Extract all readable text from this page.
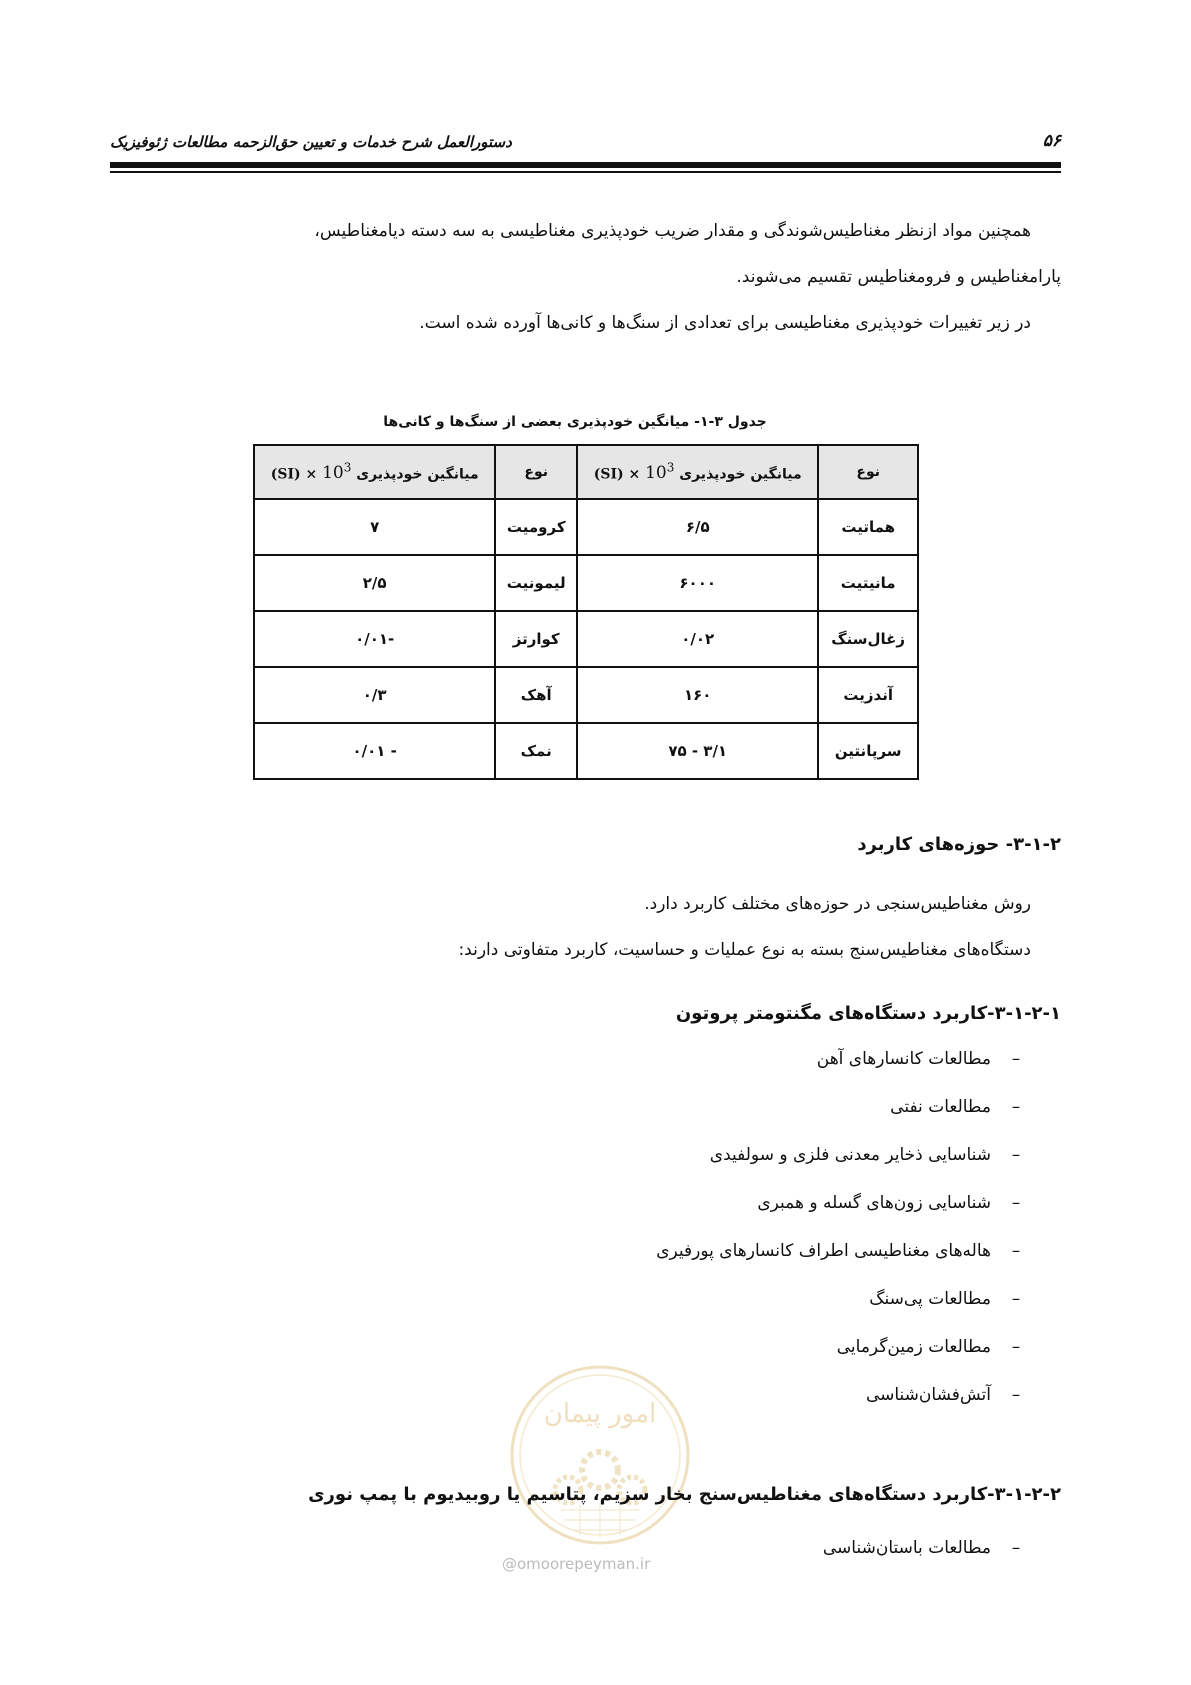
دستورالعمل شرح خدمات و تعیین حق‌الزحمه مطالعات ژئوفیزیک	۵۶

همچنین مواد ازنظر مغناطیس‌شوندگی و مقدار ضریب خودپذیری مغناطیسی به سه دسته دیامغناطیس،

پارامغناطیس و فرومغناطیس تقسیم می‌شوند.

در زیر تغییرات خودپذیری مغناطیسی برای تعدادی از سنگ‌ها و کانی‌ها آورده شده است.

جدول ۳-۱- میانگین خودپذیری بعضی از سنگ‌ها و کانی‌ها
نوع	میانگین خودپذیری $10^3$ (SI) ×	نوع	میانگین خودپذیری $10^3$ (SI) ×
هماتیت	۶/۵	کرومیت	۷
مانیتیت	۶۰۰۰	لیمونیت	۲/۵
زغال‌سنگ	۰/۰۲	کوارتز	-۰/۰۱
آندزیت	۱۶۰	آهک	۰/۳
سرپانتین	۳/۱ - ۷۵	نمک	- ۰/۰۱
۳-۱-۲- حوزه‌های کاربرد

روش مغناطیس‌سنجی در حوزه‌های مختلف کاربرد دارد.

دستگاه‌های مغناطیس‌سنج بسته به نوع عملیات و حساسیت، کاربرد متفاوتی دارند:

۳-۱-۲-۱-کاربرد دستگاه‌های مگنتومتر پروتون
–مطالعات کانسارهای آهن
–مطالعات نفتی
–شناسایی ذخایر معدنی فلزی و سولفیدی
–شناسایی زون‌های گسله و همبری
–هاله‌های مغناطیسی اطراف کانسارهای پورفیری
–مطالعات پی‌سنگ
–مطالعات زمین‌گرمایی
–آتش‌فشان‌شناسی
امور پیمان
۳-۱-۲-۲-کاربرد دستگاه‌های مغناطیس‌سنج بخار سزیم، پتاسیم یا روبیدیوم با پمپ نوری
@omoorepeyman.ir
–مطالعات باستان‌شناسی
